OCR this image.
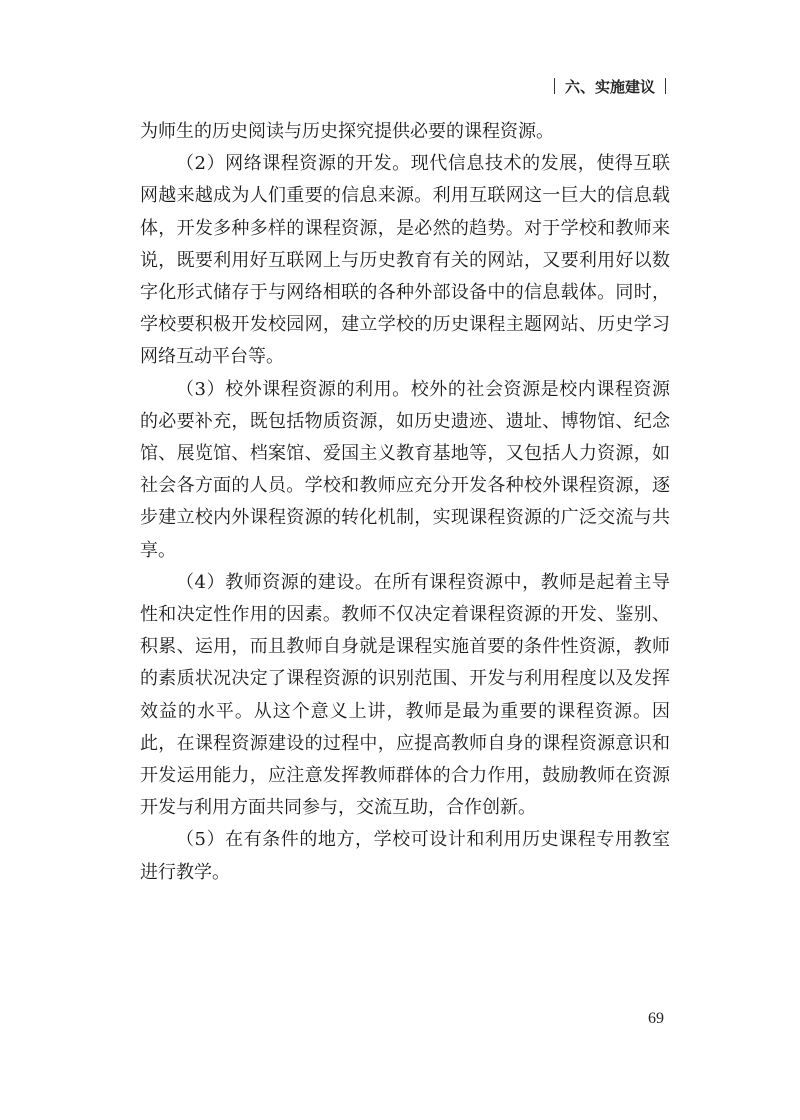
六、实施建议

为师生的历史阅读与历史探究提供必要的课程资源。

（2）网络课程资源的开发。现代信息技术的发展，使得互联网越来越成为人们重要的信息来源。利用互联网这一巨大的信息载体，开发多种多样的课程资源，是必然的趋势。对于学校和教师来说，既要利用好互联网上与历史教育有关的网站，又要利用好以数字化形式储存于与网络相联的各种外部设备中的信息载体。同时，学校要积极开发校园网，建立学校的历史课程主题网站、历史学习网络互动平台等。

（3）校外课程资源的利用。校外的社会资源是校内课程资源的必要补充，既包括物质资源，如历史遗迹、遗址、博物馆、纪念馆、展览馆、档案馆、爱国主义教育基地等，又包括人力资源，如社会各方面的人员。学校和教师应充分开发各种校外课程资源，逐步建立校内外课程资源的转化机制，实现课程资源的广泛交流与共享。

（4）教师资源的建设。在所有课程资源中，教师是起着主导性和决定性作用的因素。教师不仅决定着课程资源的开发、鉴别、积累、运用，而且教师自身就是课程实施首要的条件性资源，教师的素质状况决定了课程资源的识别范围、开发与利用程度以及发挥效益的水平。从这个意义上讲，教师是最为重要的课程资源。因此，在课程资源建设的过程中，应提高教师自身的课程资源意识和开发运用能力，应注意发挥教师群体的合力作用，鼓励教师在资源开发与利用方面共同参与，交流互助，合作创新。

（5）在有条件的地方，学校可设计和利用历史课程专用教室进行教学。

69
